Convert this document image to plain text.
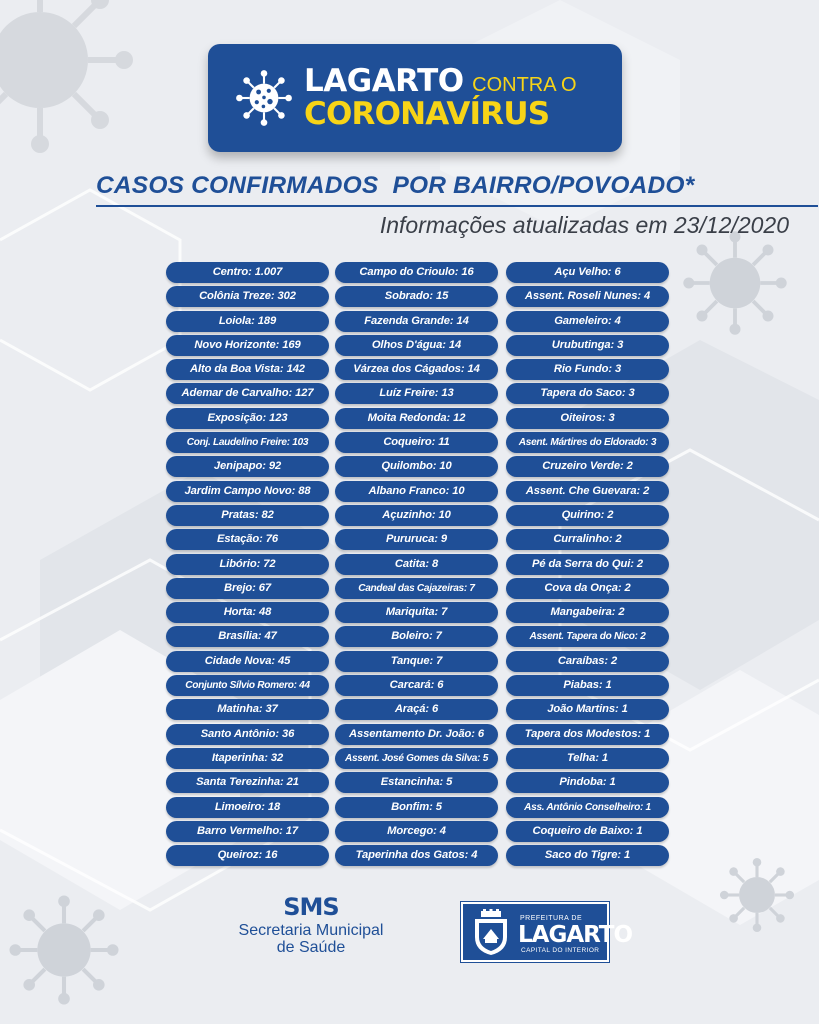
LAGARTO CONTRA O
CORONAVÍRUS
CASOS CONFIRMADOS  POR BAIRRO/POVOADO*
Informações atualizadas em 23/12/2020
Centro: 1.007
Colônia Treze: 302
Loiola: 189
Novo Horizonte: 169
Alto da Boa Vista: 142
Ademar de Carvalho: 127
Exposição: 123
Conj. Laudelino Freire: 103
Jenipapo: 92
Jardim Campo Novo: 88
Pratas: 82
Estação: 76
Libório: 72
Brejo: 67
Horta: 48
Brasília: 47
Cidade Nova: 45
Conjunto Sílvio Romero: 44
Matinha: 37
Santo Antônio: 36
Itaperinha: 32
Santa Terezinha: 21
Limoeiro: 18
Barro Vermelho: 17
Queiroz: 16
Campo do Crioulo: 16
Sobrado: 15
Fazenda Grande: 14
Olhos D'água: 14
Várzea dos Cágados: 14
Luíz Freire: 13
Moita Redonda: 12
Coqueiro: 11
Quilombo: 10
Albano Franco: 10
Açuzinho: 10
Pururuca: 9
Catita: 8
Candeal das Cajazeiras: 7
Mariquita: 7
Boleiro: 7
Tanque: 7
Carcará: 6
Araçá: 6
Assentamento Dr. João: 6
Assent. José Gomes da Silva: 5
Estancinha: 5
Bonfim: 5
Morcego: 4
Taperinha dos Gatos: 4
Açu Velho: 6
Assent. Roseli Nunes: 4
Gameleiro: 4
Urubutinga: 3
Rio Fundo: 3
Tapera do Saco: 3
Oiteiros: 3
Asent. Mártires do Eldorado: 3
Cruzeiro Verde: 2
Assent. Che Guevara: 2
Quirino: 2
Curralinho: 2
Pé da Serra do Qui: 2
Cova da Onça: 2
Mangabeira: 2
Assent. Tapera do Nico: 2
Caraíbas: 2
Piabas: 1
João Martins: 1
Tapera dos Modestos: 1
Telha: 1
Pindoba: 1
Ass. Antônio Conselheiro: 1
Coqueiro de Baixo: 1
Saco do Tigre: 1
SMS
Secretaria Municipal
de Saúde
PREFEITURA DE
LAGARTO
CAPITAL DO INTERIOR
